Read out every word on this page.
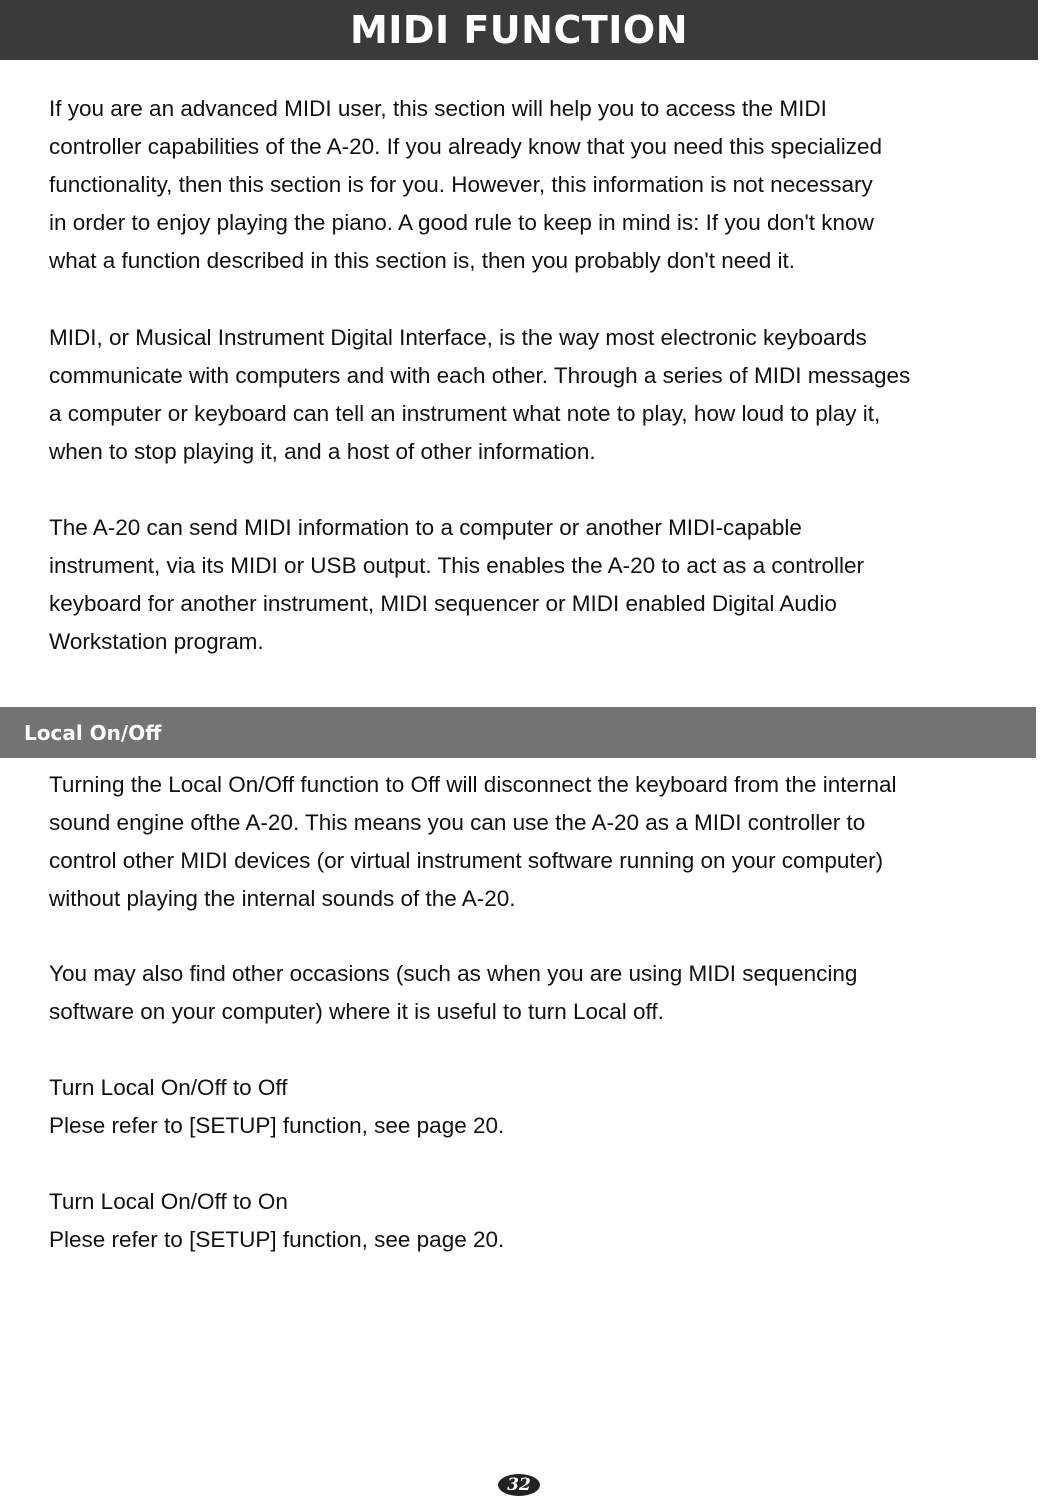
MIDI FUNCTION

If you are an advanced MIDI user, this section will help you to access the MIDI

controller capabilities of the A-20. If you already know that you need this specialized

functionality, then this section is for you. However, this information is not necessary

in order to enjoy playing the piano. A good rule to keep in mind is: If you don't know

what a function described in this section is, then you probably don't need it.

MIDI, or Musical Instrument Digital Interface, is the way most electronic keyboards

communicate with computers and with each other. Through a series of MIDI messages

a computer or keyboard can tell an instrument what note to play, how loud to play it,

when to stop playing it, and a host of other information.

The A-20 can send MIDI information to a computer or another MIDI-capable

instrument, via its MIDI or USB output. This enables the A-20 to act as a controller

keyboard for another instrument, MIDI sequencer or MIDI enabled Digital Audio

Workstation program.

Local On/Off

Turning the Local On/Off function to Off will disconnect the keyboard from the internal

sound engine ofthe A-20. This means you can use the A-20 as a MIDI controller to

control other MIDI devices (or virtual instrument software running on your computer)

without playing the internal sounds of the A-20.

You may also find other occasions (such as when you are using MIDI sequencing

software on your computer) where it is useful to turn Local off.

Turn Local On/Off to Off

Plese refer to [SETUP] function, see page 20.

Turn Local On/Off to On

Plese refer to [SETUP] function, see page 20.

32
